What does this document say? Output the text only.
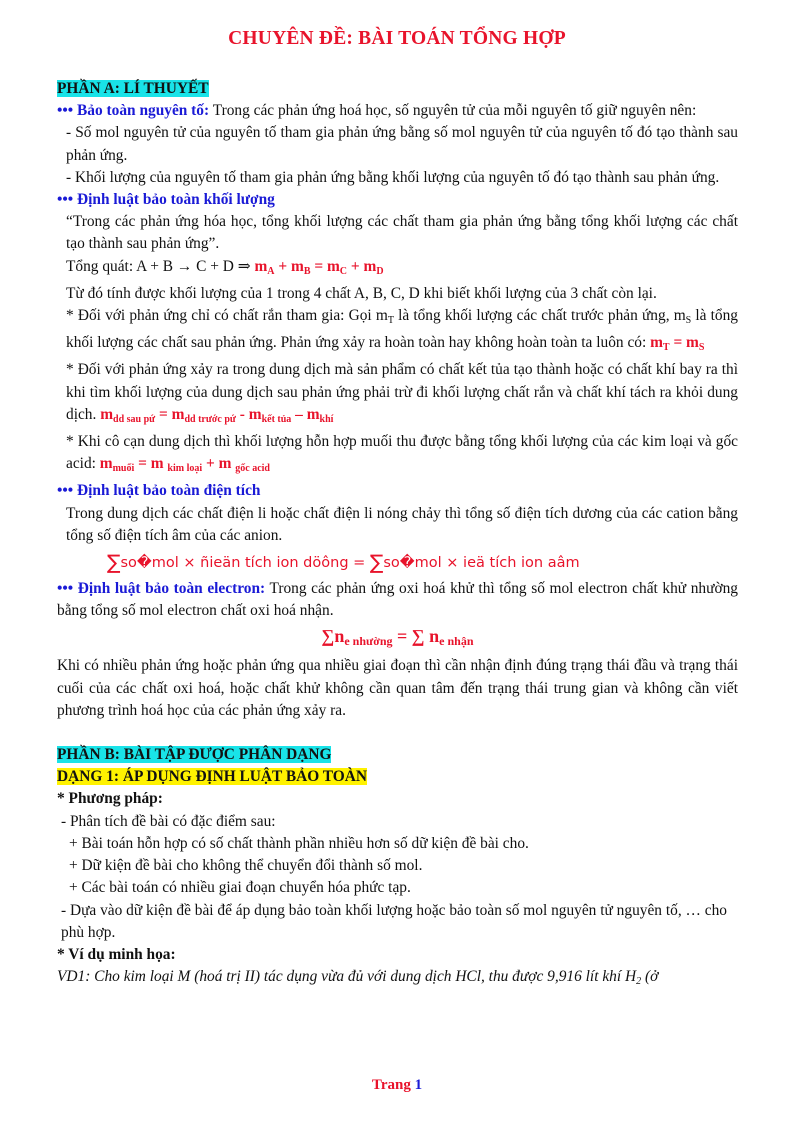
CHUYÊN ĐỀ: BÀI TOÁN TỔNG HỢP

PHẦN A: LÍ THUYẾT

••• Bảo toàn nguyên tố: Trong các phản ứng hoá học, số nguyên tử của mỗi nguyên tố giữ nguyên nên:

- Số mol nguyên tử của nguyên tố tham gia phản ứng bằng số mol nguyên tử của nguyên tố đó tạo thành sau phản ứng.

- Khối lượng của nguyên tố tham gia phản ứng bằng khối lượng của nguyên tố đó tạo thành sau phản ứng.

••• Định luật bảo toàn khối lượng

“Trong các phản ứng hóa học, tổng khối lượng các chất tham gia phản ứng bằng tổng khối lượng các chất tạo thành sau phản ứng”.

Tổng quát: A + B → C + D ⇒ $m_A + m_B = m_C + m_D$

Từ đó tính được khối lượng của 1 trong 4 chất A, B, C, D khi biết khối lượng của 3 chất còn lại.

* Đối với phản ứng chỉ có chất rắn tham gia: Gọi $m_T$ là tổng khối lượng các chất trước phản ứng, $m_S$ là tổng khối lượng các chất sau phản ứng. Phản ứng xảy ra hoàn toàn hay không hoàn toàn ta luôn có: $m_T = m_S$

* Đối với phản ứng xảy ra trong dung dịch mà sản phẩm có chất kết tủa tạo thành hoặc có chất khí bay ra thì khi tìm khối lượng của dung dịch sau phản ứng phải trừ đi khối lượng chất rắn và chất khí tách ra khỏi dung dịch. $m_{dd sau pứ} = m_{dd trước pứ} - m_{kết tủa} - m_{khí}$

* Khi cô cạn dung dịch thì khối lượng hỗn hợp muối thu được bằng tổng khối lượng của các kim loại và gốc acid: $m_{muối} = m$ $_{kim loại}$ + m $_{gốc acid}$

••• Định luật bảo toàn điện tích

Trong dung dịch các chất điện li hoặc chất điện li nóng chảy thì tổng số điện tích dương của các cation bằng tổng số điện tích âm của các anion.

∑so�mol × ñieän tích ion döông = ∑so�mol × ieä tích ion aâm

••• Định luật bảo toàn electron: Trong các phản ứng oxi hoá khử thì tổng số mol electron chất khử nhường bằng tổng số mol electron chất oxi hoá nhận.

$\sum n_{e nhường}$ = ∑ $n_{e nhận}$

Khi có nhiều phản ứng hoặc phản ứng qua nhiều giai đoạn thì cần nhận định đúng trạng thái đầu và trạng thái cuối của các chất oxi hoá, hoặc chất khử không cần quan tâm đến trạng thái trung gian và không cần viết phương trình hoá học của các phản ứng xảy ra.

PHẦN B: BÀI TẬP ĐƯỢC PHÂN DẠNG

DẠNG 1: ÁP DỤNG ĐỊNH LUẬT BẢO TOÀN

* Phương pháp:

- Phân tích đề bài có đặc điểm sau:

+ Bài toán hỗn hợp có số chất thành phần nhiều hơn số dữ kiện đề bài cho.

+ Dữ kiện đề bài cho không thể chuyển đổi thành số mol.

+ Các bài toán có nhiều giai đoạn chuyển hóa phức tạp.

- Dựa vào dữ kiện đề bài để áp dụng bảo toàn khối lượng hoặc bảo toàn số mol nguyên tử nguyên tố, … cho phù hợp.

* Ví dụ minh họa:

VD1: Cho kim loại M (hoá trị II) tác dụng vừa đủ với dung dịch HCl, thu được 9,916 lít khí $H_2$ (ở

Trang 1
